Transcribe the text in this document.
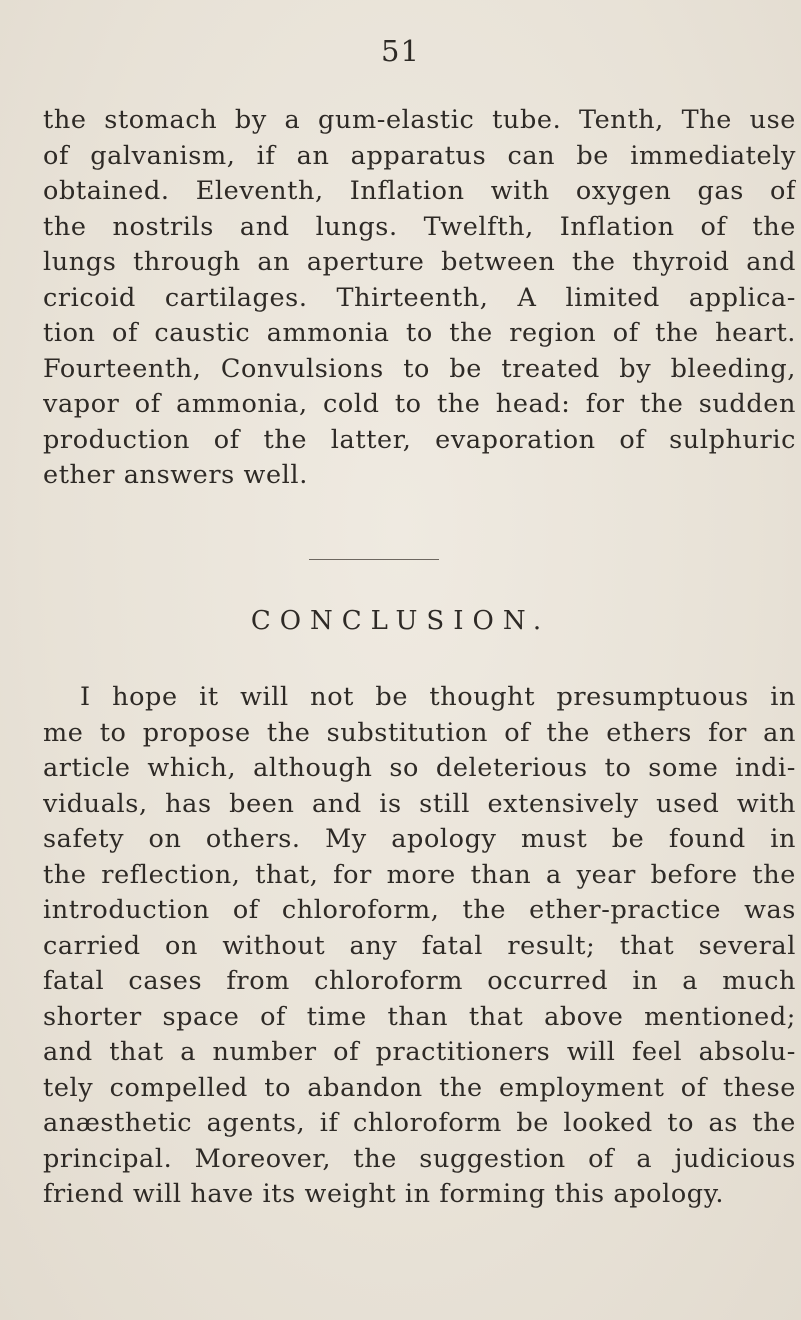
51
the stomach by a gum-elastic tube. Tenth, The use
of galvanism, if an apparatus can be immediately
obtained. Eleventh, Inflation with oxygen gas of
the nostrils and lungs. Twelfth, Inflation of the
lungs through an aperture between the thyroid and
cricoid cartilages. Thirteenth, A limited applica-
tion of caustic ammonia to the region of the heart.
Fourteenth, Convulsions to be treated by bleeding,
vapor of ammonia, cold to the head: for the sudden
production of the latter, evaporation of sulphuric
ether answers well.
CONCLUSION.
I hope it will not be thought presumptuous in
me to propose the substitution of the ethers for an
article which, although so deleterious to some indi-
viduals, has been and is still extensively used with
safety on others. My apology must be found in
the reflection, that, for more than a year before the
introduction of chloroform, the ether-practice was
carried on without any fatal result; that several
fatal cases from chloroform occurred in a much
shorter space of time than that above mentioned;
and that a number of practitioners will feel absolu-
tely compelled to abandon the employment of these
anæsthetic agents, if chloroform be looked to as the
principal. Moreover, the suggestion of a judicious
friend will have its weight in forming this apology.
